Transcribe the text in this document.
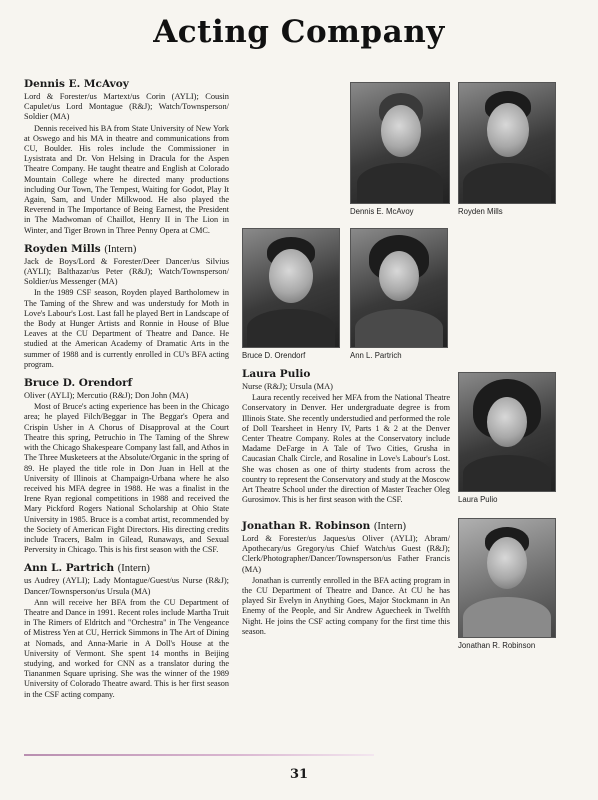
Acting Company
Dennis E. McAvoy
Lord & Forester/us Martext/us Corin (AYLI); Cousin Capulet/us Lord Montague (R&J); Watch/Townsperson/ Soldier (MA)
Dennis received his BA from State University of New York at Oswego and his MA in theatre and communications from CU, Boulder. His roles include the Commissioner in Lysistrata and Dr. Von Helsing in Dracula for the Aspen Theatre Company. He taught theatre and English at Colorado Mountain College where he directed many productions including Our Town, The Tempest, Waiting for Godot, Play It Again, Sam, and Under Milkwood. He also played the Reverend in The Importance of Being Earnest, the President in The Madwoman of Chaillot, Henry II in The Lion in Winter, and Tiger Brown in Three Penny Opera at CMC.
Royden Mills (Intern)
Jack de Boys/Lord & Forester/Deer Dancer/us Silvius (AYLI); Balthazar/us Peter (R&J); Watch/Townsperson/ Soldier/us Messenger (MA)
In the 1989 CSF season, Royden played Bartholomew in The Taming of the Shrew and was understudy for Moth in Love's Labour's Lost. Last fall he played Bert in Landscape of the Body at Hunger Artists and Ronnie in House of Blue Leaves at the CU Department of Theatre and Dance. He studied at the American Academy of Dramatic Arts in the summer of 1988 and is currently enrolled in CU's BFA acting program.
Bruce D. Orendorf
Oliver (AYLI); Mercutio (R&J); Don John (MA)
Most of Bruce's acting experience has been in the Chicago area; he played Filch/Beggar in The Beggar's Opera and Crispin Usher in A Chorus of Disapproval at the Court Theatre this spring, Petruchio in The Taming of the Shrew with the Chicago Shakespeare Company last fall, and Athos in The Three Musketeers at the Absolute/Organic in the spring of 89. He played the title role in Don Juan in Hell at the University of Illinois at Champaign-Urbana where he also received his MFA degree in 1988. He was a finalist in the Irene Ryan regional competitions in 1988 and received the Mary Pickford Rogers National Scholarship at Ohio State University in 1985. Bruce is a combat artist, recommended by the Society of American Fight Directors. His directing credits include Tracers, Balm in Gilead, Runaways, and Sexual Perversity in Chicago. This is his first season with the CSF.
Ann L. Partrich (Intern)
us Audrey (AYLI); Lady Montague/Guest/us Nurse (R&J); Dancer/Townsperson/us Ursula (MA)
Ann will receive her BFA from the CU Department of Theatre and Dance in 1991. Recent roles include Martha Truit in The Rimers of Eldritch and "Orchestra" in The Vengeance of Mistress Yen at CU, Herrick Simmons in The Art of Dining at Nomads, and Anna-Marie in A Doll's House at the University of Vermont. She spent 14 months in Beijing studying, and worked for CNN as a translator during the Tiananmen Square uprising. She was the winner of the 1989 University of Colorado Theatre award. This is her first season in the CSF acting company.
Dennis E. McAvoy	Royden Mills
Bruce D. Orendorf	Ann L. Partrich
Laura Pulio
Jonathan R. Robinson
Laura Pulio
Nurse (R&J); Ursula (MA)
Laura recently received her MFA from the National Theatre Conservatory in Denver. Her undergraduate degree is from Illinois State. She recently understudied and performed the role of Doll Tearsheet in Henry IV, Parts 1 & 2 at the Denver Center Theatre Company. Roles at the Conservatory include Madame DeFarge in A Tale of Two Cities, Grusha in Caucasian Chalk Circle, and Rosaline in Love's Labour's Lost. She was chosen as one of thirty students from across the country to represent the Conservatory and study at the Moscow Art Theatre School under the direction of Master Teacher Oleg Gurosimov. This is her first season with the CSF.
Jonathan R. Robinson (Intern)
Lord & Forester/us Jaques/us Oliver (AYLI); Abram/ Apothecary/us Gregory/us Chief Watch/us Guest (R&J); Clerk/Photographer/Dancer/Townsperson/us Father Francis (MA)
Jonathan is currently enrolled in the BFA acting program in the CU Department of Theatre and Dance. At CU he has played Sir Evelyn in Anything Goes, Major Stockmann in An Enemy of the People, and Sir Andrew Aguecheek in Twelfth Night. He joins the CSF acting company for the first time this season.
31
